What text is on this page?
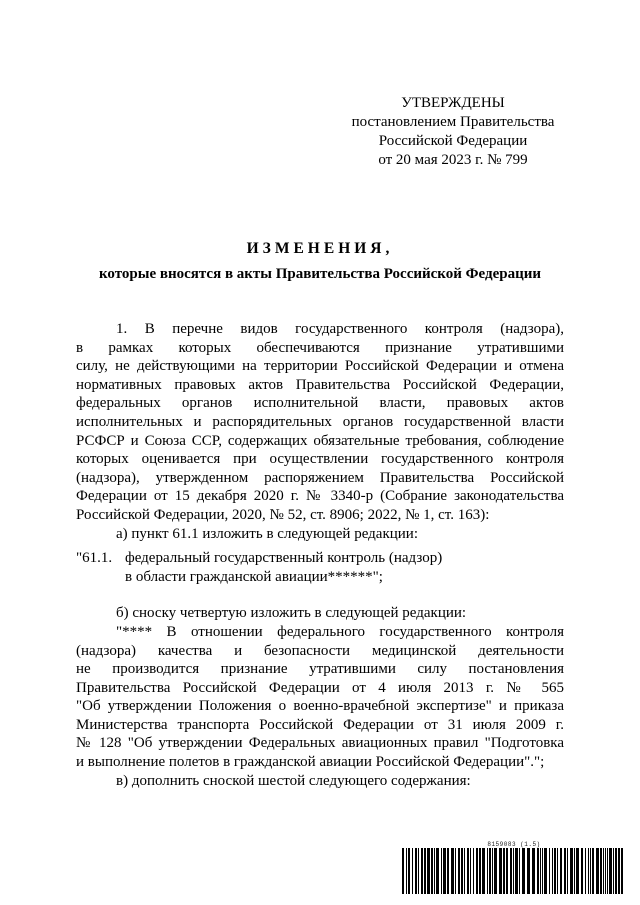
УТВЕРЖДЕНЫ
постановлением Правительства
Российской Федерации
от 20 мая 2023 г. № 799
ИЗМЕНЕНИЯ,
которые вносятся в акты Правительства Российской Федерации
1. В перечне видов государственного контроля (надзора),
в рамках которых обеспечиваются признание утратившими
силу, не действующими на территории Российской Федерации и отмена
нормативных правовых актов Правительства Российской Федерации,
федеральных органов исполнительной власти, правовых актов
исполнительных и распорядительных органов государственной власти
РСФСР и Союза ССР, содержащих обязательные требования, соблюдение
которых оценивается при осуществлении государственного контроля
(надзора), утвержденном распоряжением Правительства Российской
Федерации от 15 декабря 2020 г. № 3340-р (Собрание законодательства
Российской Федерации, 2020, № 52, ст. 8906; 2022, № 1, ст. 163):
а) пункт 61.1 изложить в следующей редакции:
"61.1. федеральный государственный контроль (надзор)
в области гражданской авиации******";
б) сноску четвертую изложить в следующей редакции:
"**** В отношении федерального государственного контроля
(надзора) качества и безопасности медицинской деятельности
не производится признание утратившими силу постановления
Правительства Российской Федерации от 4 июля 2013 г. № 565
"Об утверждении Положения о военно-врачебной экспертизе" и приказа
Министерства транспорта Российской Федерации от 31 июля 2009 г.
№ 128 "Об утверждении Федеральных авиационных правил "Подготовка
и выполнение полетов в гражданской авиации Российской Федерации".";
в) дополнить сноской шестой следующего содержания:
8159083 (1.5)
